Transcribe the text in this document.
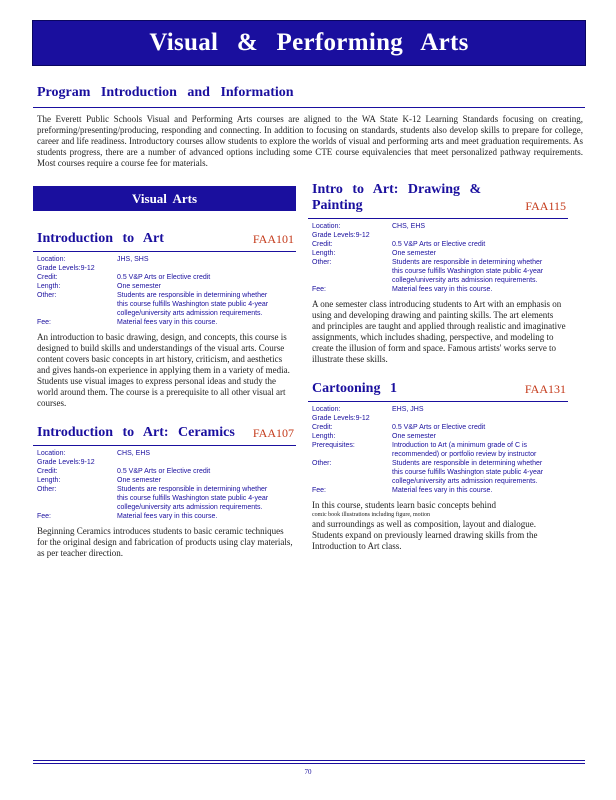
Visual & Performing Arts
Program Introduction and Information
The Everett Public Schools Visual and Performing Arts courses are aligned to the WA State K-12 Learning Standards focusing on creating, preforming/presenting/producing, responding and connecting. In addition to focusing on standards, students also develop skills to prepare for college, career and life readiness. Introductory courses allow students to explore the worlds of visual and performing arts and meet graduation requirements. As students progress, there are a number of advanced options including some CTE course equivalencies that meet personalized pathway requirements. Most courses require a course fee for materials.
Visual Arts
Introduction to Art	FAA101
Location:	JHS, SHS
Grade Levels: 9-12
Credit:	0.5 V&P Arts or Elective credit
Length:	One semester
Other:	Students are responsible in determining whether
this course fulfills Washington state public 4-year
college/university arts admission requirements.
Fee:	Material fees vary in this course.
An introduction to basic drawing, design, and concepts, this course is designed to build skills and understandings of the visual arts. Course content covers basic concepts in art history, criticism, and aesthetics and gives hands-on experience in applying them in a variety of media. Students use visual images to express personal ideas and study the world around them. The course is a prerequisite to all other visual art courses.
Introduction to Art: Ceramics FAA107
Location:	CHS, EHS
Grade Levels: 9-12
Credit:	0.5 V&P Arts or Elective credit
Length:	One semester
Other:	Students are responsible in determining whether
this course fulfills Washington state public 4-year
college/university arts admission requirements.
Fee:	Material fees vary in this course.
Beginning Ceramics introduces students to basic ceramic techniques for the original design and fabrication of products using clay materials, as per teacher direction.
Intro to Art: Drawing & Painting	FAA115
Location:	CHS, EHS
Grade Levels: 9-12
Credit:	0.5 V&P Arts or Elective credit
Length:	One semester
Other:	Students are responsible in determining whether
this course fulfills Washington state public 4-year
college/university arts admission requirements.
Fee:	Material fees vary in this course.
A one semester class introducing students to Art with an emphasis on using and developing drawing and painting skills. The art elements and principles are taught and applied through realistic and imaginative assignments, which includes shading, perspective, and modeling to create the illusion of form and space. Famous artists' works serve to illustrate these skills.
Cartooning 1	FAA131
Location:	EHS, JHS
Grade Levels: 9-12
Credit:	0.5 V&P Arts or Elective credit
Length:	One semester
Prerequisites:	Introduction to Art (a minimum grade of C is
recommended) or portfolio review by instructor
Other:	Students are responsible in determining whether
this course fulfills Washington state public 4-year
college/university arts admission requirements.
Fee:	Material fees vary in this course.
In this course, students learn basic concepts behind
comic book illustrations including figure, motion
and surroundings as well as composition, layout and dialogue. Students expand on previously learned drawing skills from the Introduction to Art class.
70
